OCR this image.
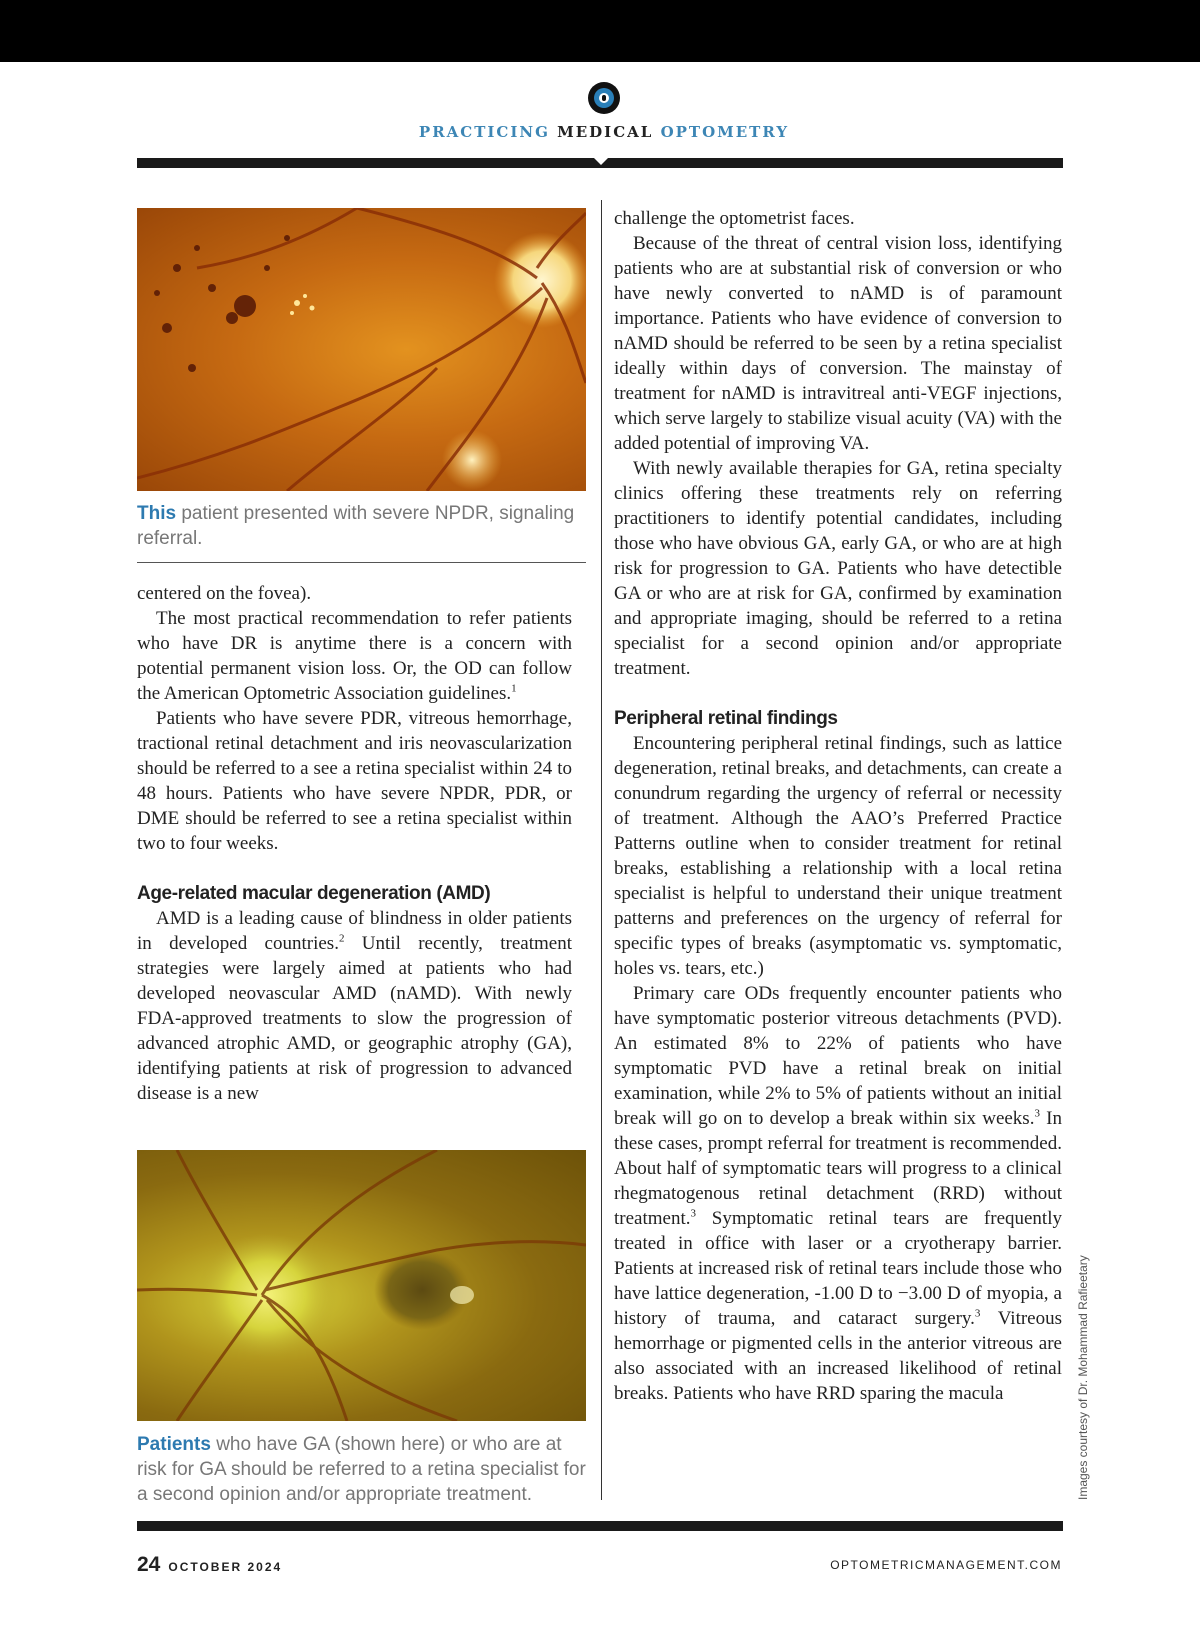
PRACTICING MEDICAL OPTOMETRY
This patient presented with severe NPDR, signaling referral.

centered on the fovea).

The most practical recommendation to refer patients who have DR is anytime there is a concern with potential permanent vision loss. Or, the OD can follow the American Optometric Association guidelines.$^1$

Patients who have severe PDR, vitreous hemorrhage, tractional retinal detachment and iris neovascularization should be referred to a see a retina specialist within 24 to 48 hours. Patients who have severe NPDR, PDR, or DME should be referred to see a retina specialist within two to four weeks.

Age-related macular degeneration (AMD)

AMD is a leading cause of blindness in older patients in developed countries.$^2$ Until recently, treatment strategies were largely aimed at patients who had developed neovascular AMD (nAMD). With newly FDA-approved treatments to slow the progression of advanced atrophic AMD, or geographic atrophy (GA), identifying patients at risk of progression to advanced disease is a new

Patients who have GA (shown here) or who are at risk for GA should be referred to a retina specialist for a second opinion and/or appropriate treatment.

challenge the optometrist faces.

Because of the threat of central vision loss, identifying patients who are at substantial risk of conversion or who have newly converted to nAMD is of paramount importance. Patients who have evidence of conversion to nAMD should be referred to be seen by a retina specialist ideally within days of conversion. The mainstay of treatment for nAMD is intravitreal anti-VEGF injections, which serve largely to stabilize visual acuity (VA) with the added potential of improving VA.

With newly available therapies for GA, retina specialty clinics offering these treatments rely on referring practitioners to identify potential candidates, including those who have obvious GA, early GA, or who are at high risk for progression to GA. Patients who have detectible GA or who are at risk for GA, confirmed by examination and appropriate imaging, should be referred to a retina specialist for a second opinion and/or appropriate treatment.

Peripheral retinal findings

Encountering peripheral retinal findings, such as lattice degeneration, retinal breaks, and detachments, can create a conundrum regarding the urgency of referral or necessity of treatment. Although the AAO’s Preferred Practice Patterns outline when to consider treatment for retinal breaks, establishing a relationship with a local retina specialist is helpful to understand their unique treatment patterns and preferences on the urgency of referral for specific types of breaks (asymptomatic vs. symptomatic, holes vs. tears, etc.)

Primary care ODs frequently encounter patients who have symptomatic posterior vitreous detachments (PVD). An estimated 8% to 22% of patients who have symptomatic PVD have a retinal break on initial examination, while 2% to 5% of patients without an initial break will go on to develop a break within six weeks.$^3$ In these cases, prompt referral for treatment is recommended. About half of symptomatic tears will progress to a clinical rhegmatogenous retinal detachment (RRD) without treatment.$^3$ Symptomatic retinal tears are frequently treated in office with laser or a cryotherapy barrier. Patients at increased risk of retinal tears include those who have lattice degeneration, -1.00 D to −3.00 D of myopia, a history of trauma, and cataract surgery.$^3$ Vitreous hemorrhage or pigmented cells in the anterior vitreous are also associated with an increased likelihood of retinal breaks. Patients who have RRD sparing the macula	Images courtesy of Dr. Mohammad Rafieetary
24 OCTOBER 2024	OPTOMETRICMANAGEMENT.COM
